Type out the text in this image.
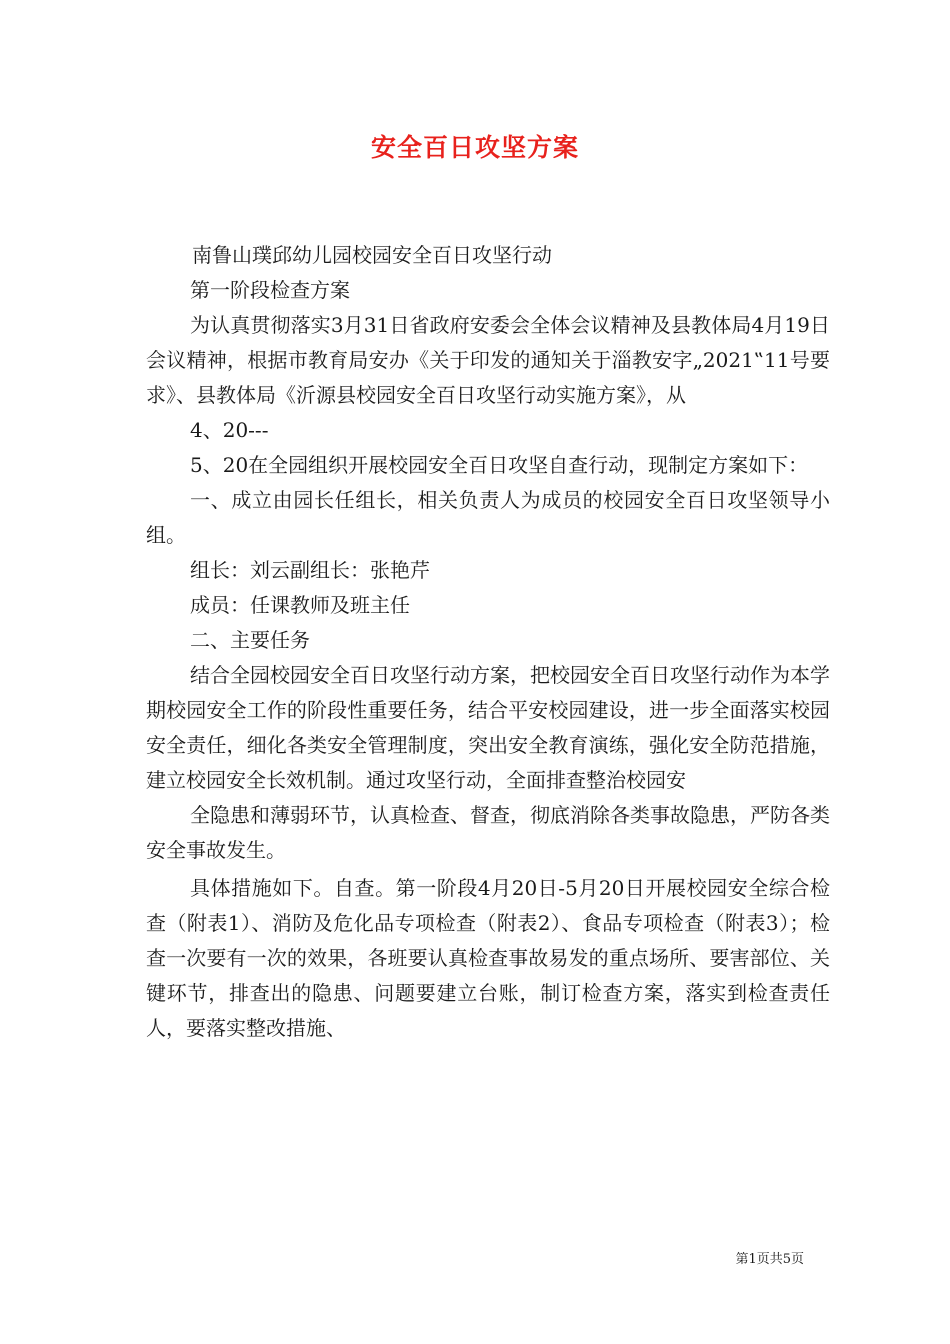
安全百日攻坚方案

南鲁山璞邱幼儿园校园安全百日攻坚行动

第一阶段检查方案

为认真贯彻落实3月31日省政府安委会全体会议精神及县教体局4月19日会议精神，根据市教育局安办《关于印发的通知关于淄教安字„2021‟11号要求》、县教体局《沂源县校园安全百日攻坚行动实施方案》，从

4、20---

5、20在全园组织开展校园安全百日攻坚自查行动，现制定方案如下：

一、成立由园长任组长，相关负责人为成员的校园安全百日攻坚领导小组。

组长：刘云副组长：张艳芹

成员：任课教师及班主任

二、主要任务

结合全园校园安全百日攻坚行动方案，把校园安全百日攻坚行动作为本学期校园安全工作的阶段性重要任务，结合平安校园建设，进一步全面落实校园安全责任，细化各类安全管理制度，突出安全教育演练，强化安全防范措施，建立校园安全长效机制。通过攻坚行动，全面排查整治校园安

全隐患和薄弱环节，认真检查、督查，彻底消除各类事故隐患，严防各类安全事故发生。

具体措施如下。自查。第一阶段4月20日-5月20日开展校园安全综合检查（附表1）、消防及危化品专项检查（附表2）、食品专项检查（附表3）；检查一次要有一次的效果，各班要认真检查事故易发的重点场所、要害部位、关键环节，排查出的隐患、问题要建立台账，制订检查方案，落实到检查责任人，要落实整改措施、

第1页共5页
